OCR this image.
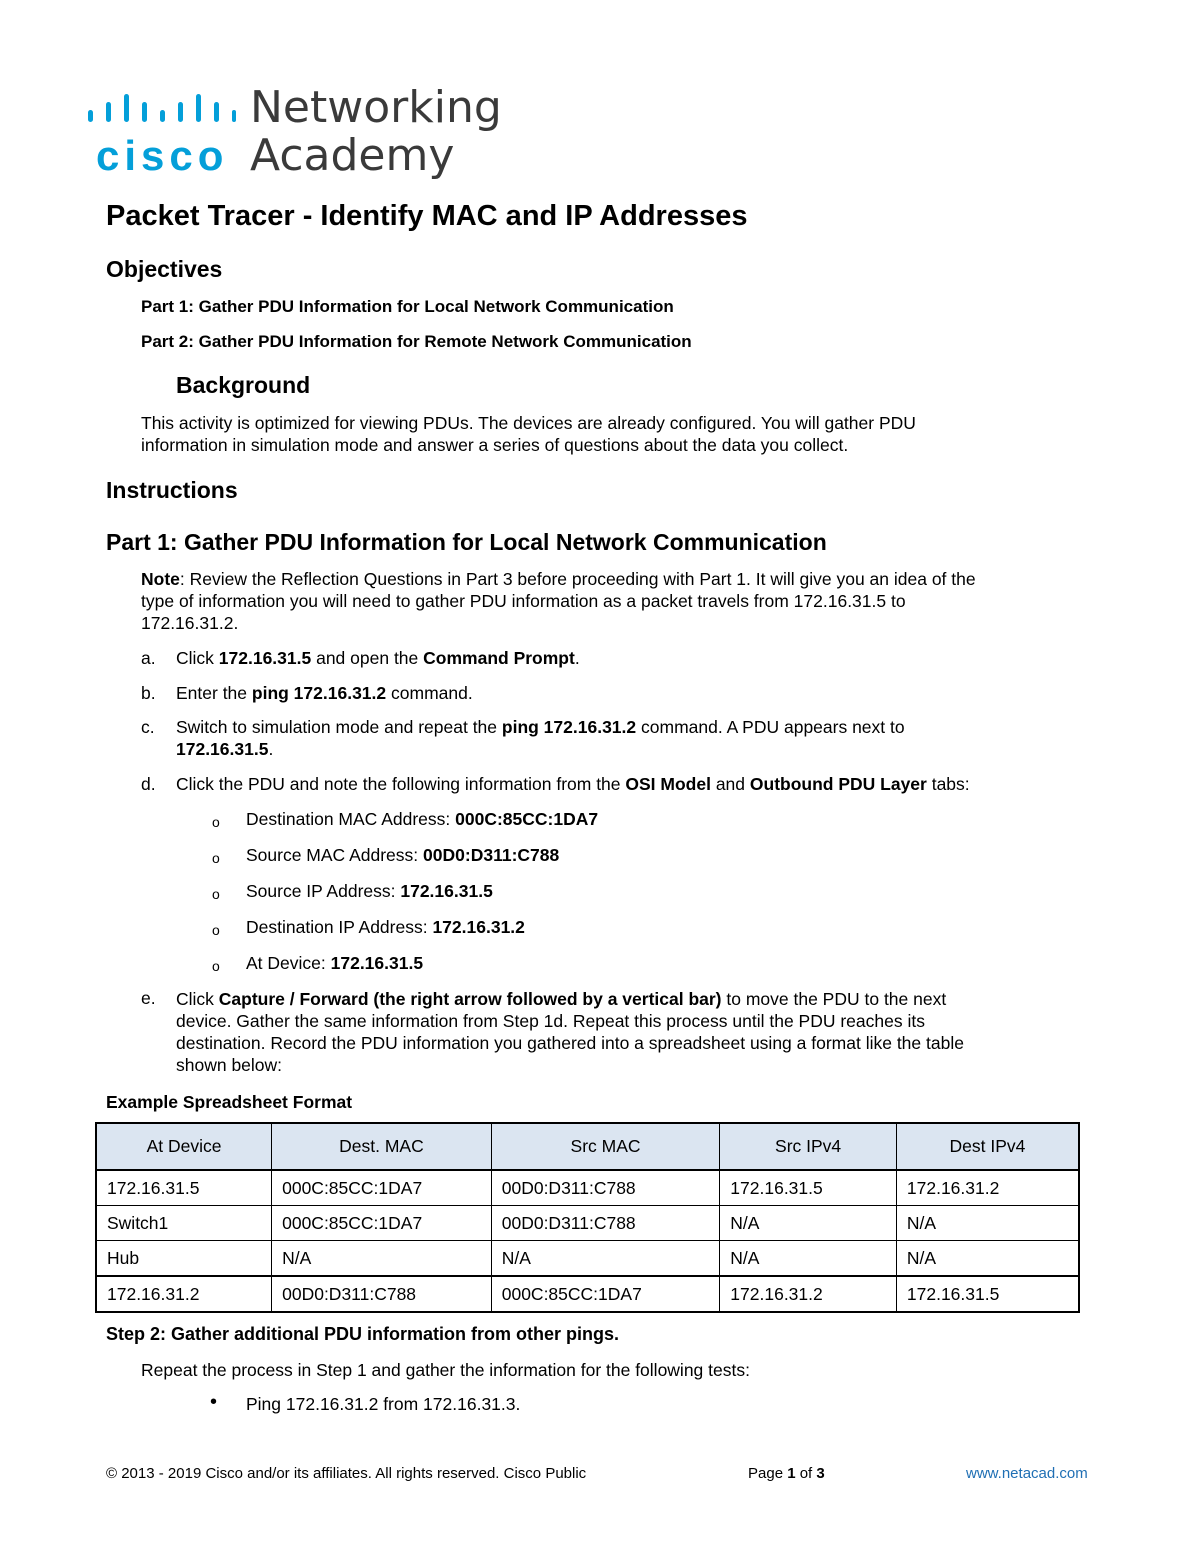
cisco
Networking
Academy
Packet Tracer - Identify MAC and IP Addresses
Objectives
Part 1: Gather PDU Information for Local Network Communication
Part 2: Gather PDU Information for Remote Network Communication
Background
This activity is optimized for viewing PDUs. The devices are already configured. You will gather PDU
information in simulation mode and answer a series of questions about the data you collect.
Instructions
Part 1: Gather PDU Information for Local Network Communication
Note: Review the Reflection Questions in Part 3 before proceeding with Part 1. It will give you an idea of the
type of information you will need to gather PDU information as a packet travels from 172.16.31.5 to
172.16.31.2.
a. Click 172.16.31.5 and open the Command Prompt.
b. Enter the ping 172.16.31.2 command.
c. Switch to simulation mode and repeat the ping 172.16.31.2 command. A PDU appears next to
172.16.31.5.
d. Click the PDU and note the following information from the OSI Model and Outbound PDU Layer tabs:
o Destination MAC Address: 000C:85CC:1DA7
o Source MAC Address: 00D0:D311:C788
o Source IP Address: 172.16.31.5
o Destination IP Address: 172.16.31.2
o At Device: 172.16.31.5
e. Click Capture / Forward (the right arrow followed by a vertical bar) to move the PDU to the next
device. Gather the same information from Step 1d. Repeat this process until the PDU reaches its
destination. Record the PDU information you gathered into a spreadsheet using a format like the table
shown below:
Example Spreadsheet Format
At Device	Dest. MAC	Src MAC	Src IPv4	Dest IPv4
172.16.31.5	000C:85CC:1DA7	00D0:D311:C788	172.16.31.5	172.16.31.2
Switch1	000C:85CC:1DA7	00D0:D311:C788	N/A	N/A
Hub	N/A	N/A	N/A	N/A
172.16.31.2	00D0:D311:C788	000C:85CC:1DA7	172.16.31.2	172.16.31.5
Step 2: Gather additional PDU information from other pings.
Repeat the process in Step 1 and gather the information for the following tests:
• Ping 172.16.31.2 from 172.16.31.3.
© 2013 - 2019 Cisco and/or its affiliates. All rights reserved. Cisco Public	Page 1 of 3	www.netacad.com
